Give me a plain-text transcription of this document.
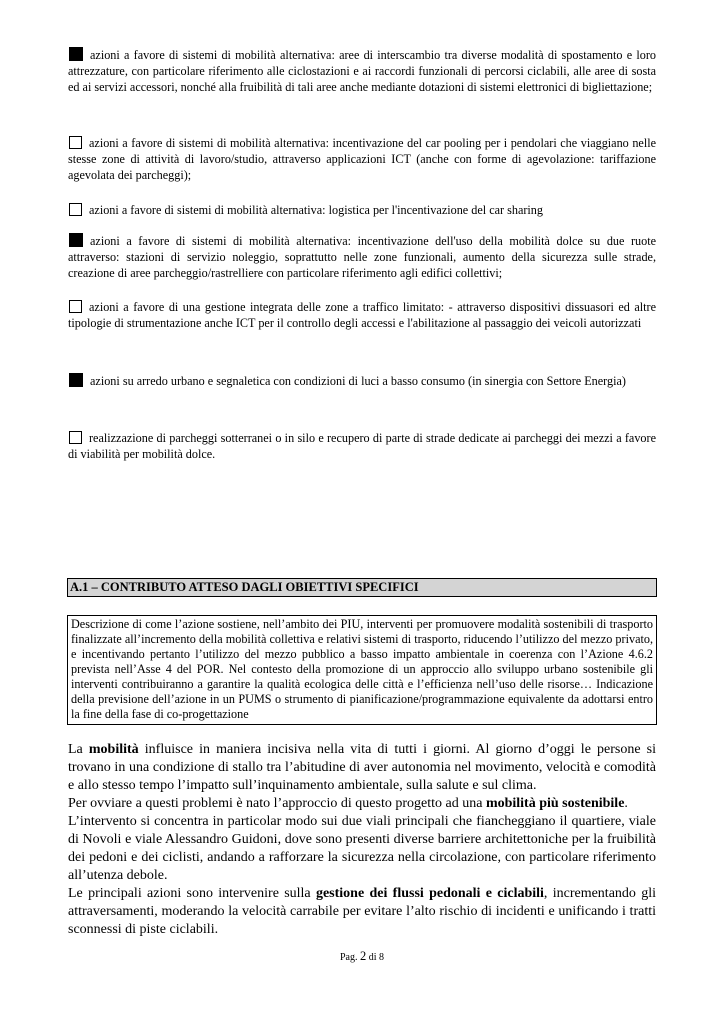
azioni a favore di sistemi di mobilità alternativa: aree di interscambio tra diverse modalità di spostamento e loro attrezzature, con particolare riferimento alle ciclostazioni e ai raccordi funzionali di percorsi ciclabili, alle aree di sosta ed ai servizi accessori, nonché alla fruibilità di tali aree anche mediante dotazioni di sistemi elettronici di bigliettazione;
azioni a favore di sistemi di mobilità alternativa: incentivazione del car pooling per i pendolari che viaggiano nelle stesse zone di attività di lavoro/studio, attraverso applicazioni ICT (anche con forme di agevolazione: tariffazione agevolata dei parcheggi);
azioni a favore di sistemi di mobilità alternativa: logistica per l'incentivazione del car sharing
azioni a favore di sistemi di mobilità alternativa: incentivazione dell'uso della mobilità dolce su due ruote attraverso: stazioni di servizio noleggio, soprattutto nelle zone funzionali, aumento della sicurezza sulle strade, creazione di aree parcheggio/rastrelliere con particolare riferimento agli edifici collettivi;
azioni a favore di una gestione integrata delle zone a traffico limitato: - attraverso dispositivi dissuasori ed altre tipologie di strumentazione anche ICT per il controllo degli accessi e l'abilitazione al passaggio dei veicoli autorizzati
azioni su arredo urbano e segnaletica con condizioni di luci a basso consumo (in sinergia con Settore Energia)
realizzazione di parcheggi sotterranei o in silo e recupero di parte di strade dedicate ai parcheggi dei mezzi a favore di viabilità per mobilità dolce.
A.1 – CONTRIBUTO ATTESO DAGLI OBIETTIVI SPECIFICI
Descrizione di come l’azione sostiene, nell’ambito dei PIU, interventi per promuovere modalità sostenibili di trasporto finalizzate all’incremento della mobilità collettiva e relativi sistemi di trasporto, riducendo l’utilizzo del mezzo privato, e incentivando pertanto l’utilizzo del mezzo pubblico a basso impatto ambientale in coerenza con l’Azione 4.6.2 prevista nell’Asse 4 del POR. Nel contesto della promozione di un approccio allo sviluppo urbano sostenibile gli interventi contribuiranno a garantire la qualità ecologica delle città e l’efficienza nell’uso delle risorse… Indicazione della previsione dell’azione in un PUMS o strumento di pianificazione/programmazione equivalente da adottarsi entro la fine della fase di co-progettazione

La mobilità influisce in maniera incisiva nella vita di tutti i giorni. Al giorno d’oggi le persone si trovano in una condizione di stallo tra l’abitudine di aver autonomia nel movimento, velocità e comodità e allo stesso tempo l’impatto sull’inquinamento ambientale, sulla salute e sul clima.

Per ovviare a questi problemi è nato l’approccio di questo progetto ad una mobilità più sostenibile.

L’intervento si concentra in particolar modo sui due viali principali che fiancheggiano il quartiere, viale di Novoli e viale Alessandro Guidoni, dove sono presenti diverse barriere architettoniche per la fruibilità dei pedoni e dei ciclisti, andando a rafforzare la sicurezza nella circolazione, con particolare riferimento all’utenza debole.

Le principali azioni sono intervenire sulla gestione dei flussi pedonali e ciclabili, incrementando gli attraversamenti, moderando la velocità carrabile per evitare l’alto rischio di incidenti e unificando i tratti sconnessi di piste ciclabili.

Pag. 2 di 8
